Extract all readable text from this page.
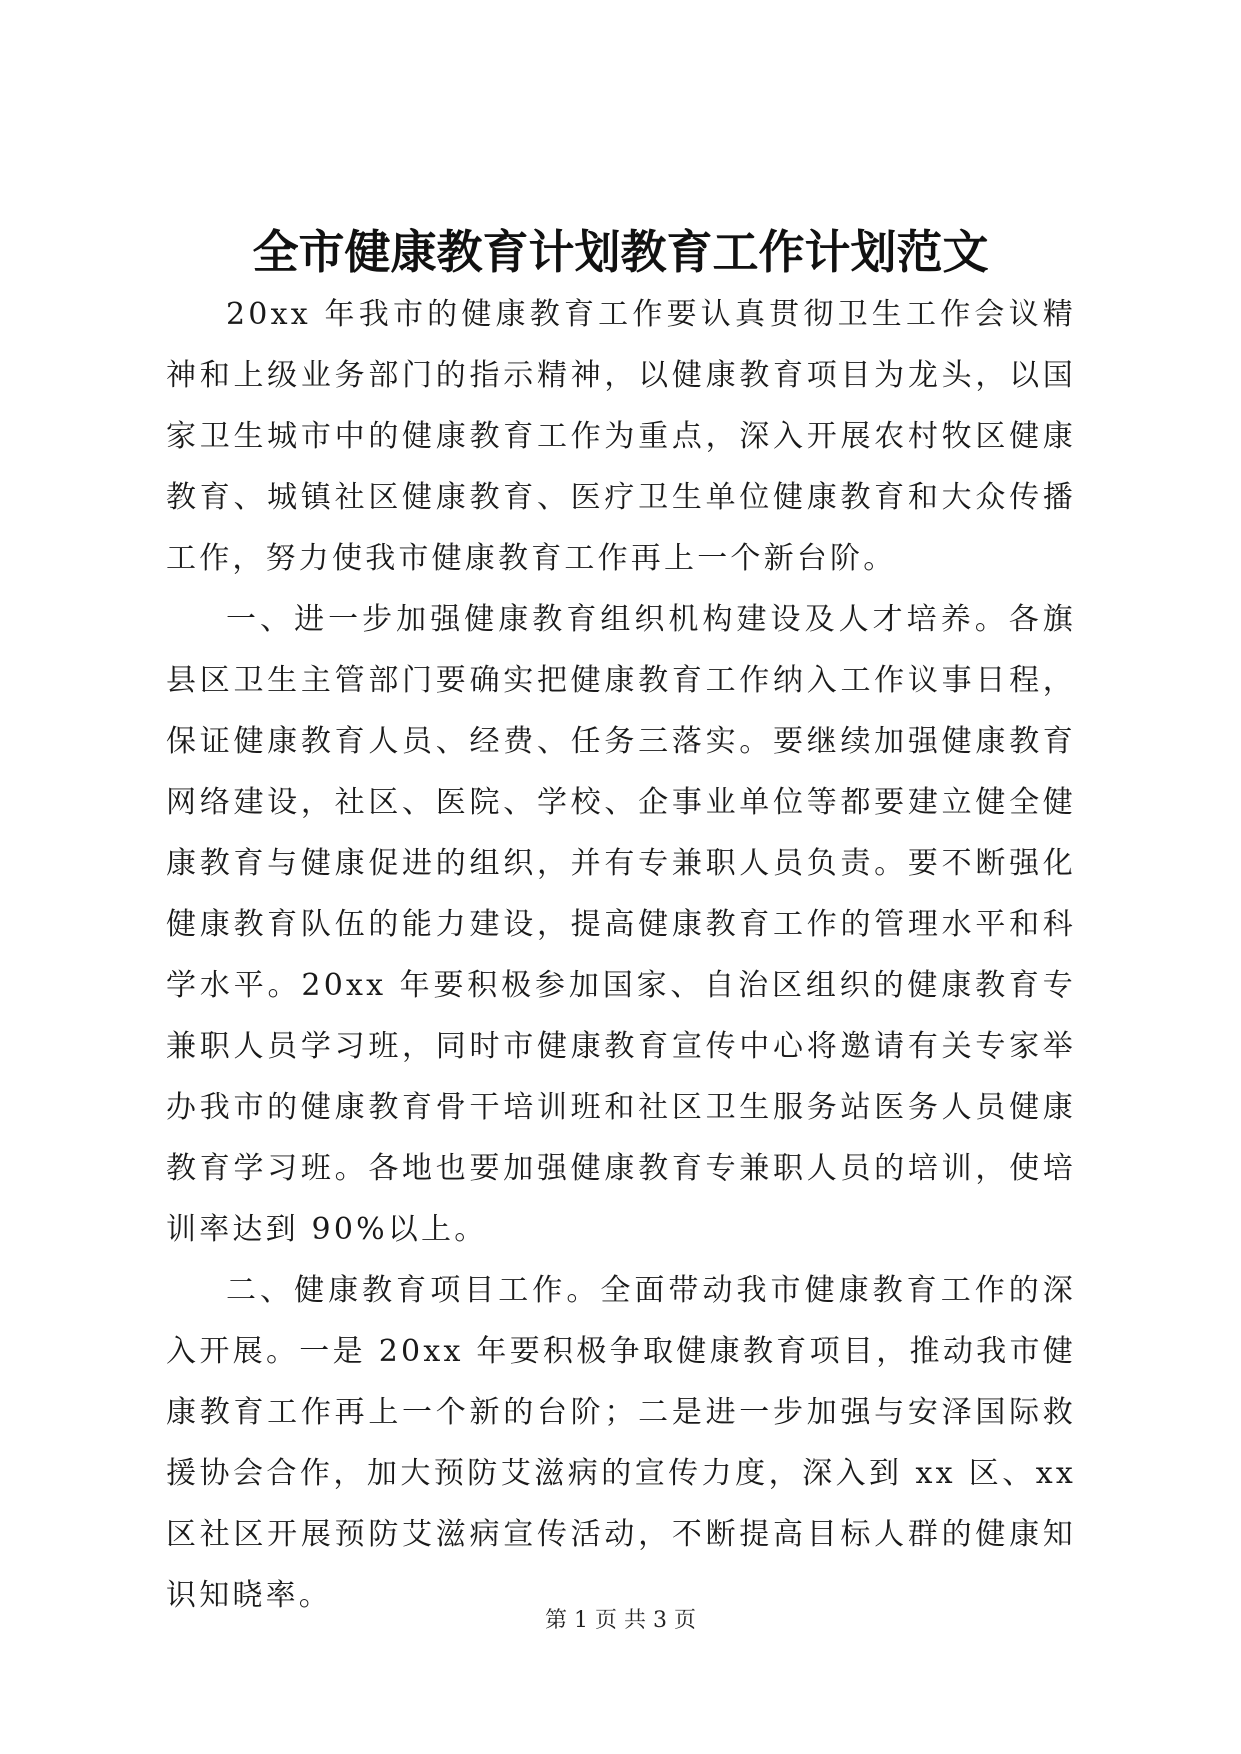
全市健康教育计划教育工作计划范文

20xx 年我市的健康教育工作要认真贯彻卫生工作会议精神和上级业务部门的指示精神，以健康教育项目为龙头，以国家卫生城市中的健康教育工作为重点，深入开展农村牧区健康教育、城镇社区健康教育、医疗卫生单位健康教育和大众传播工作，努力使我市健康教育工作再上一个新台阶。

一、进一步加强健康教育组织机构建设及人才培养。各旗县区卫生主管部门要确实把健康教育工作纳入工作议事日程，保证健康教育人员、经费、任务三落实。要继续加强健康教育网络建设，社区、医院、学校、企事业单位等都要建立健全健康教育与健康促进的组织，并有专兼职人员负责。要不断强化健康教育队伍的能力建设，提高健康教育工作的管理水平和科学水平。20xx 年要积极参加国家、自治区组织的健康教育专兼职人员学习班，同时市健康教育宣传中心将邀请有关专家举办我市的健康教育骨干培训班和社区卫生服务站医务人员健康教育学习班。各地也要加强健康教育专兼职人员的培训，使培训率达到 90%以上。

二、健康教育项目工作。全面带动我市健康教育工作的深入开展。一是 20xx 年要积极争取健康教育项目，推动我市健康教育工作再上一个新的台阶；二是进一步加强与安泽国际救援协会合作，加大预防艾滋病的宣传力度，深入到 xx 区、xx 区社区开展预防艾滋病宣传活动，不断提高目标人群的健康知识知晓率。

第 1 页 共 3 页
